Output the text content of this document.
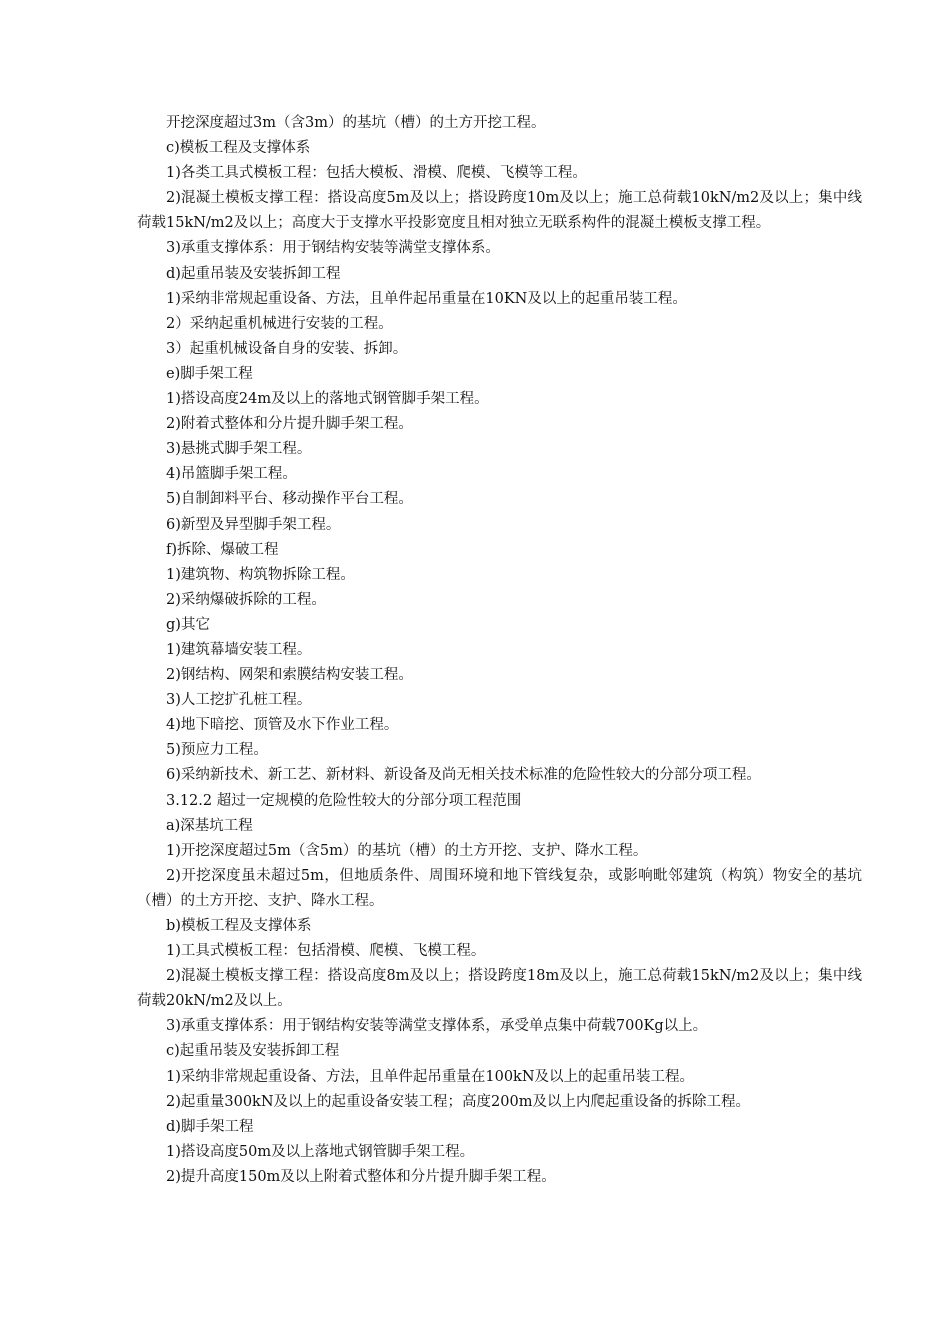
开挖深度超过3m（含3m）的基坑（槽）的土方开挖工程。

c)模板工程及支撑体系

1)各类工具式模板工程：包括大模板、滑模、爬模、飞模等工程。

2)混凝土模板支撑工程：搭设高度5m及以上；搭设跨度10m及以上；施工总荷载10kN/m2及以上；集中线荷载15kN/m2及以上；高度大于支撑水平投影宽度且相对独立无联系构件的混凝土模板支撑工程。

3)承重支撑体系：用于钢结构安装等满堂支撑体系。

d)起重吊装及安装拆卸工程

1)采纳非常规起重设备、方法，且单件起吊重量在10KN及以上的起重吊装工程。

2）采纳起重机械进行安装的工程。

3）起重机械设备自身的安装、拆卸。

e)脚手架工程

1)搭设高度24m及以上的落地式钢管脚手架工程。

2)附着式整体和分片提升脚手架工程。

3)悬挑式脚手架工程。

4)吊篮脚手架工程。

5)自制卸料平台、移动操作平台工程。

6)新型及异型脚手架工程。

f)拆除、爆破工程

1)建筑物、构筑物拆除工程。

2)采纳爆破拆除的工程。

g)其它

1)建筑幕墙安装工程。

2)钢结构、网架和索膜结构安装工程。

3)人工挖扩孔桩工程。

4)地下暗挖、顶管及水下作业工程。

5)预应力工程。

6)采纳新技术、新工艺、新材料、新设备及尚无相关技术标准的危险性较大的分部分项工程。

3.12.2 超过一定规模的危险性较大的分部分项工程范围

a)深基坑工程

1)开挖深度超过5m（含5m）的基坑（槽）的土方开挖、支护、降水工程。

2)开挖深度虽未超过5m，但地质条件、周围环境和地下管线复杂，或影响毗邻建筑（构筑）物安全的基坑（槽）的土方开挖、支护、降水工程。

b)模板工程及支撑体系

1)工具式模板工程：包括滑模、爬模、飞模工程。

2)混凝土模板支撑工程：搭设高度8m及以上；搭设跨度18m及以上，施工总荷载15kN/m2及以上；集中线荷载20kN/m2及以上。

3)承重支撑体系：用于钢结构安装等满堂支撑体系，承受单点集中荷载700Kg以上。

c)起重吊装及安装拆卸工程

1)采纳非常规起重设备、方法，且单件起吊重量在100kN及以上的起重吊装工程。

2)起重量300kN及以上的起重设备安装工程；高度200m及以上内爬起重设备的拆除工程。

d)脚手架工程

1)搭设高度50m及以上落地式钢管脚手架工程。

2)提升高度150m及以上附着式整体和分片提升脚手架工程。
